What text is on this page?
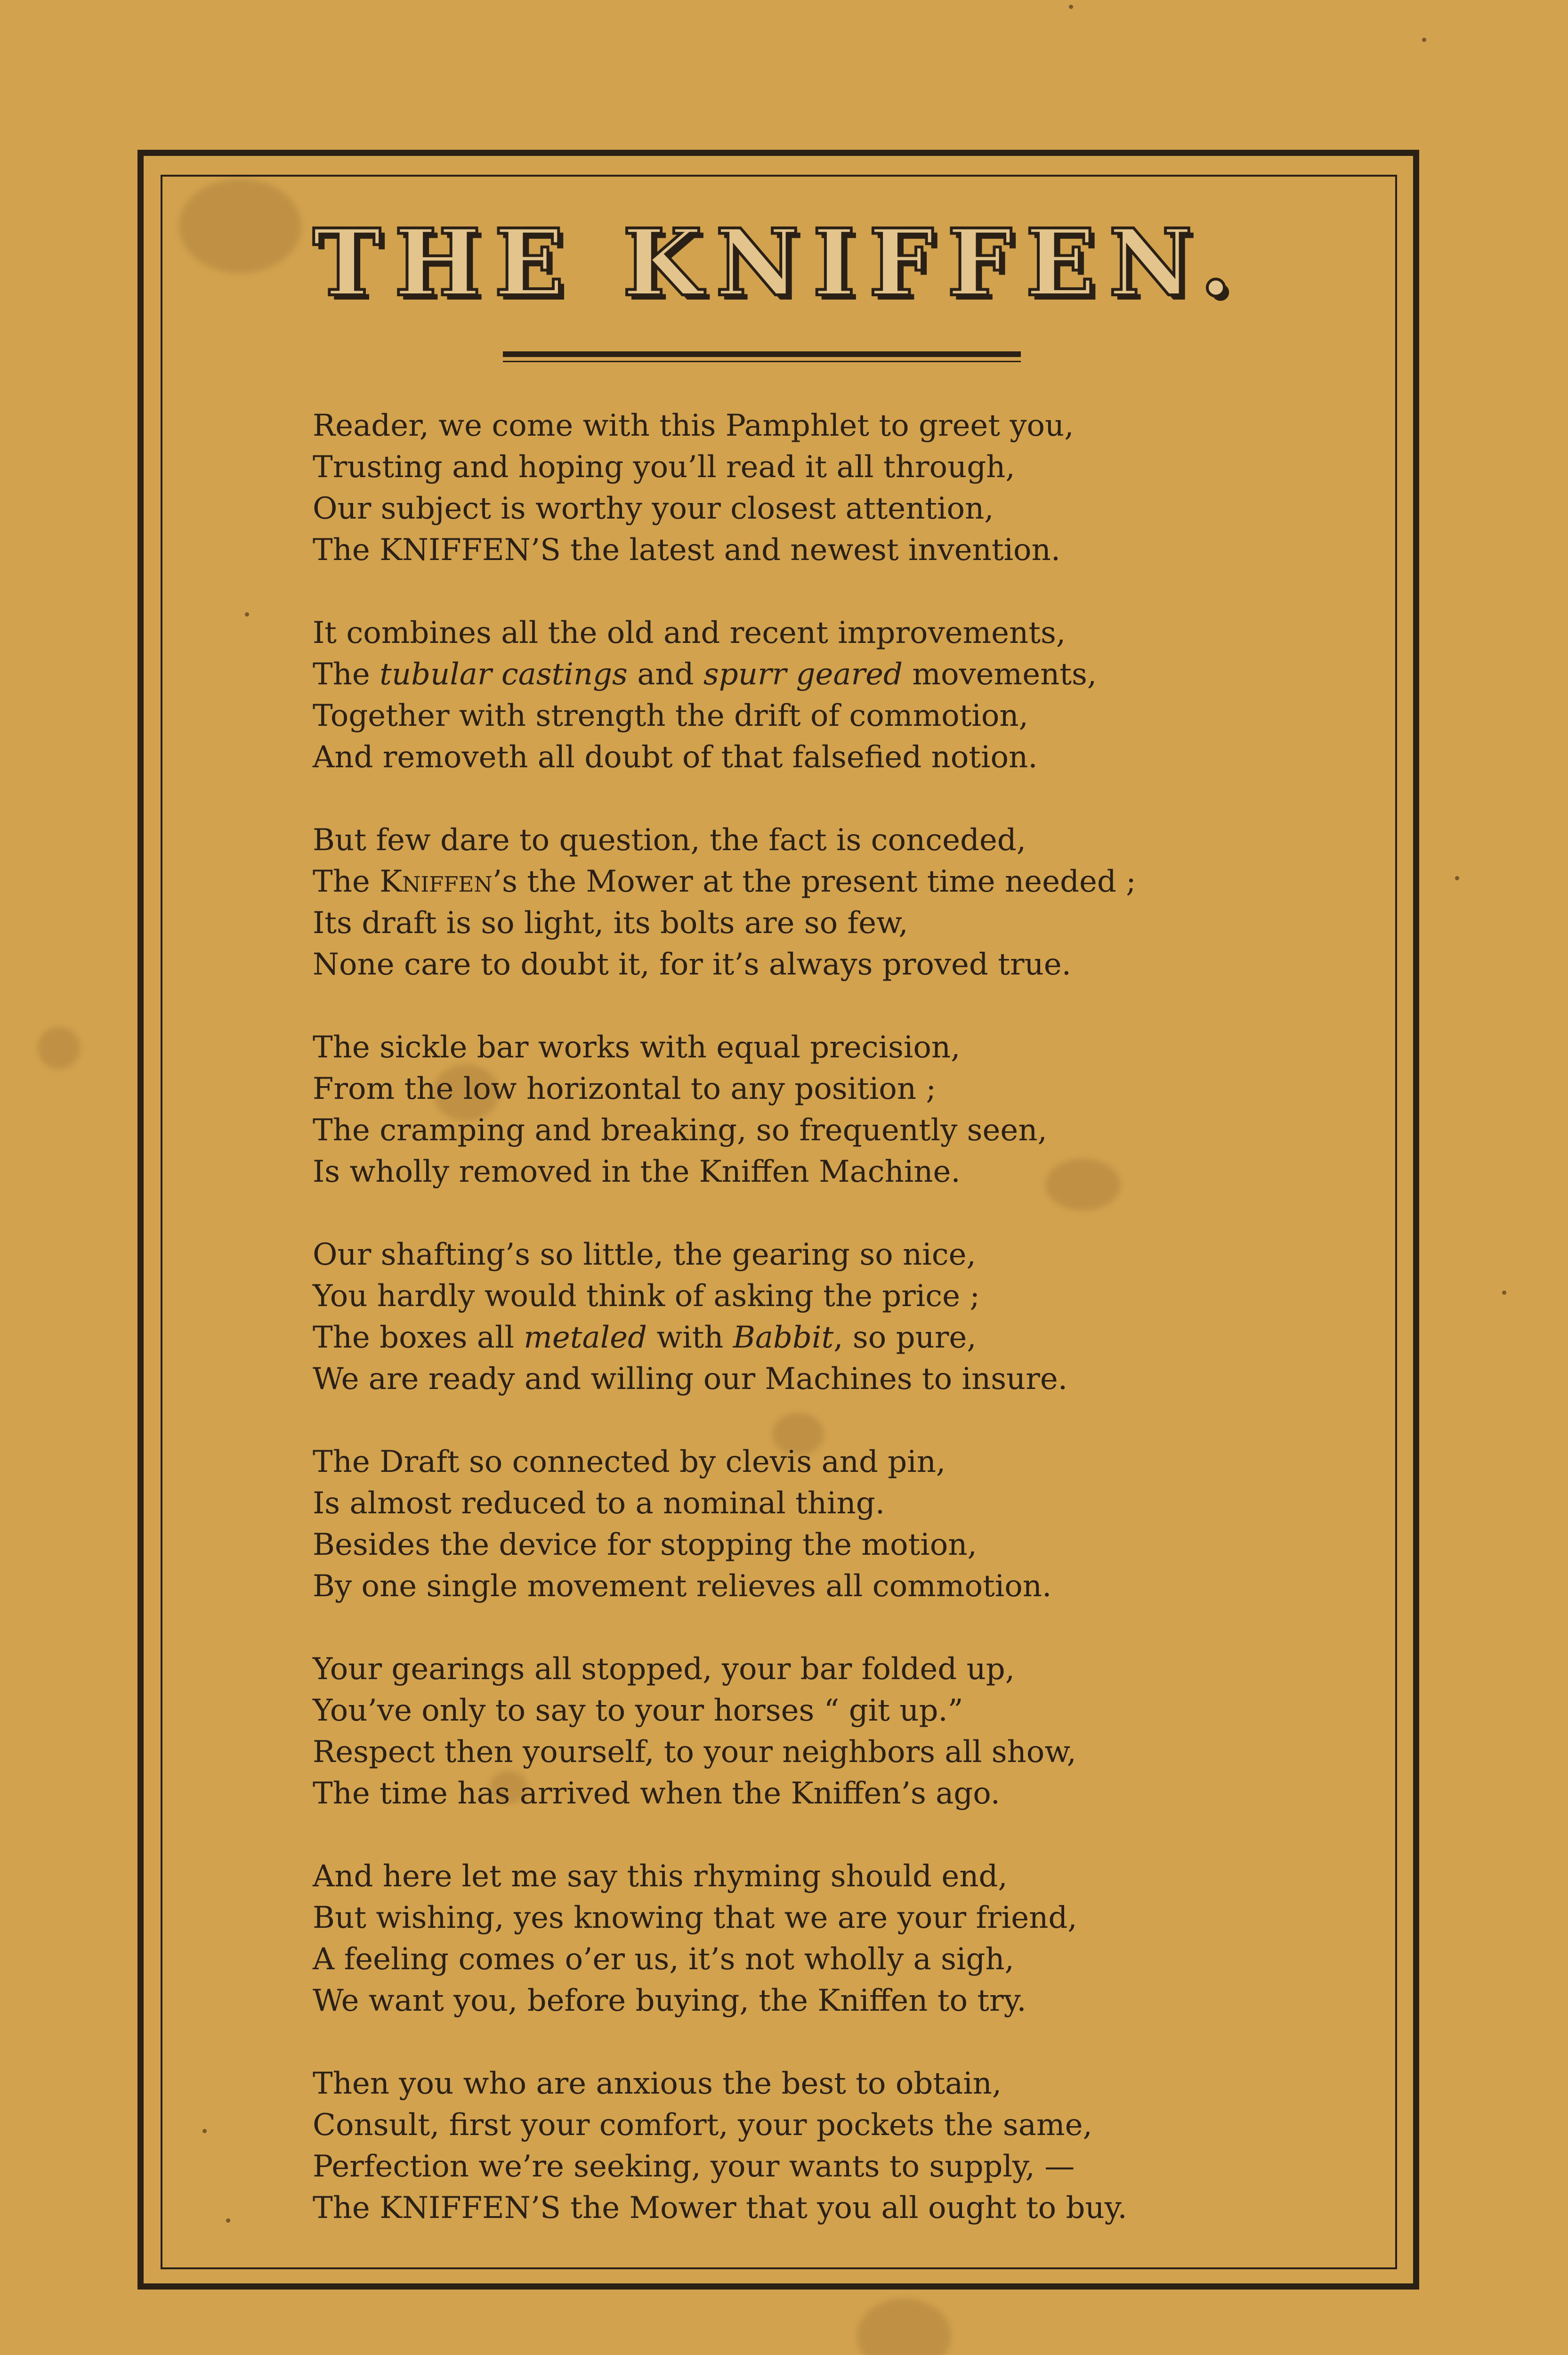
THE KNIFFEN.
Reader, we come with this Pamphlet to greet you,
Trusting and hoping you’ll read it all through,
Our subject is worthy your closest attention,
The KNIFFEN’S the latest and newest invention.
It combines all the old and recent improvements,
The tubular castings and spurr geared movements,
Together with strength the drift of commotion,
And removeth all doubt of that falsefied notion.
But few dare to question, the fact is conceded,
The Kniffen’s the Mower at the present time needed ;
Its draft is so light, its bolts are so few,
None care to doubt it, for it’s always proved true.
The sickle bar works with equal precision,
From the low horizontal to any position ;
The cramping and breaking, so frequently seen,
Is wholly removed in the Kniffen Machine.
Our shafting’s so little, the gearing so nice,
You hardly would think of asking the price ;
The boxes all metaled with Babbit, so pure,
We are ready and willing our Machines to insure.
The Draft so connected by clevis and pin,
Is almost reduced to a nominal thing.
Besides the device for stopping the motion,
By one single movement relieves all commotion.
Your gearings all stopped, your bar folded up,
You’ve only to say to your horses “ git up.”
Respect then yourself, to your neighbors all show,
The time has arrived when the Kniffen’s ago.
And here let me say this rhyming should end,
But wishing, yes knowing that we are your friend,
A feeling comes o’er us, it’s not wholly a sigh,
We want you, before buying, the Kniffen to try.
Then you who are anxious the best to obtain,
Consult, first your comfort, your pockets the same,
Perfection we’re seeking, your wants to supply, —
The KNIFFEN’S the Mower that you all ought to buy.
